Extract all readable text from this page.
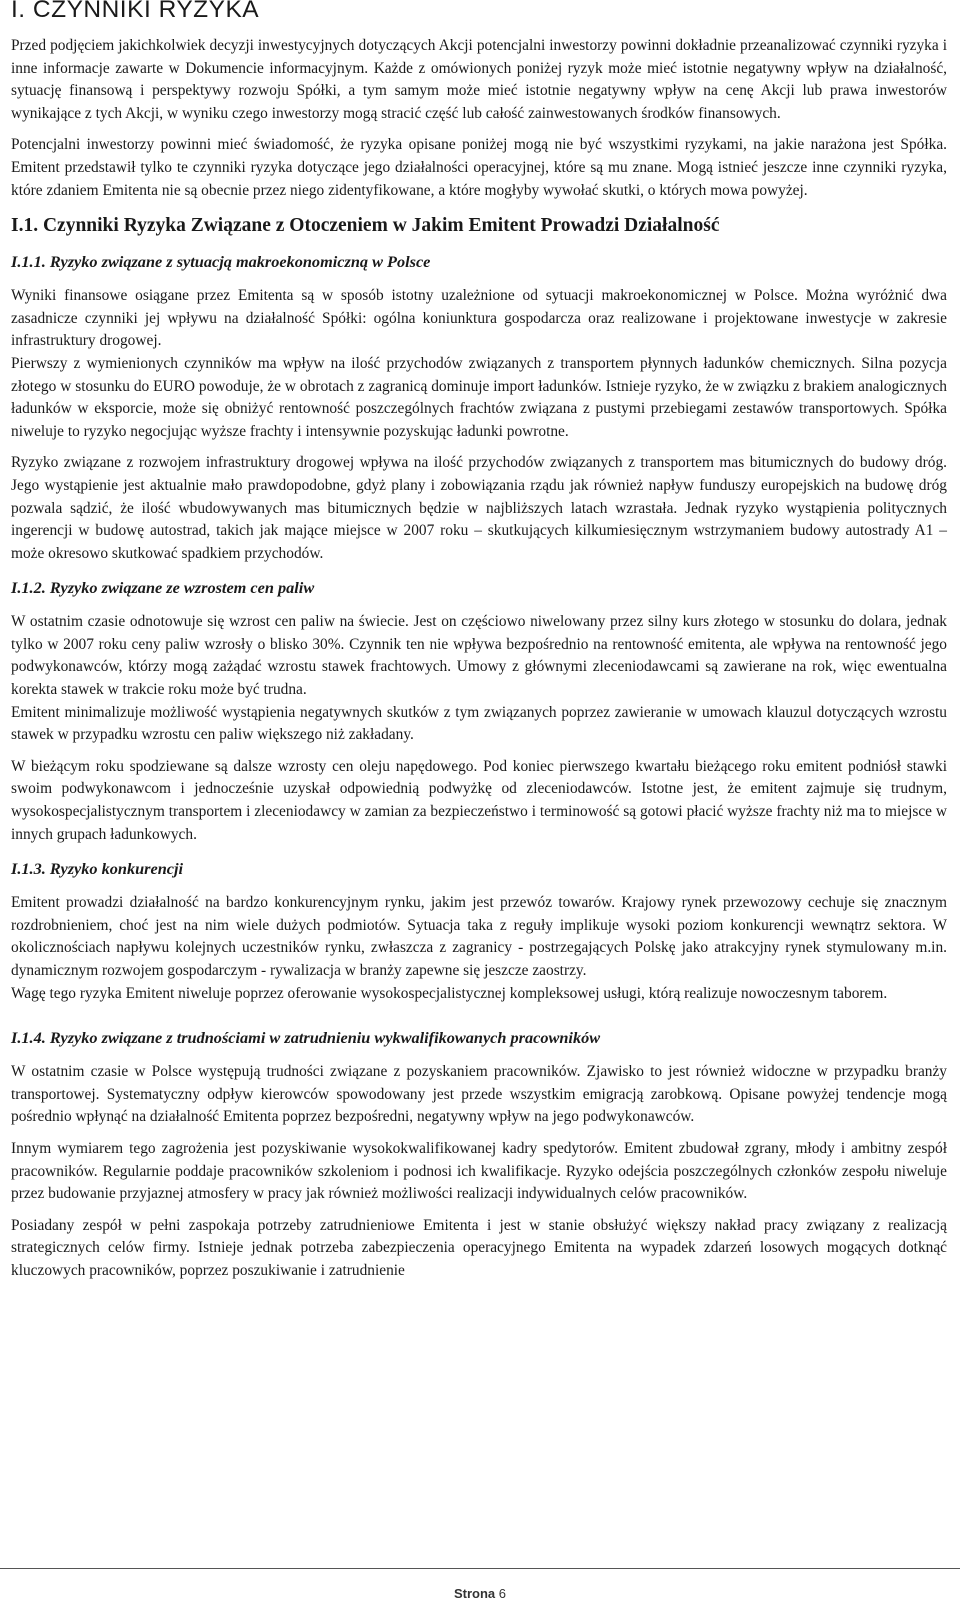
I. CZYNNIKI RYZYKA

Przed podjęciem jakichkolwiek decyzji inwestycyjnych dotyczących Akcji potencjalni inwestorzy powinni dokładnie przeanalizować czynniki ryzyka i inne informacje zawarte w Dokumencie informacyjnym. Każde z omówionych poniżej ryzyk może mieć istotnie negatywny wpływ na działalność, sytuację finansową i perspektywy rozwoju Spółki, a tym samym może mieć istotnie negatywny wpływ na cenę Akcji lub prawa inwestorów wynikające z tych Akcji, w wyniku czego inwestorzy mogą stracić część lub całość zainwestowanych środków finansowych.

Potencjalni inwestorzy powinni mieć świadomość, że ryzyka opisane poniżej mogą nie być wszystkimi ryzykami, na jakie narażona jest Spółka. Emitent przedstawił tylko te czynniki ryzyka dotyczące jego działalności operacyjnej, które są mu znane. Mogą istnieć jeszcze inne czynniki ryzyka, które zdaniem Emitenta nie są obecnie przez niego zidentyfikowane, a które mogłyby wywołać skutki, o których mowa powyżej.

I.1. Czynniki Ryzyka Związane z Otoczeniem w Jakim Emitent Prowadzi Działalność
I.1.1. Ryzyko związane z sytuacją makroekonomiczną w Polsce

Wyniki finansowe osiągane przez Emitenta są w sposób istotny uzależnione od sytuacji makroekonomicznej w Polsce. Można wyróżnić dwa zasadnicze czynniki jej wpływu na działalność Spółki: ogólna koniunktura gospodarcza oraz realizowane i projektowane inwestycje w zakresie infrastruktury drogowej.

Pierwszy z wymienionych czynników ma wpływ na ilość przychodów związanych z transportem płynnych ładunków chemicznych. Silna pozycja złotego w stosunku do EURO powoduje, że w obrotach z zagranicą dominuje import ładunków. Istnieje ryzyko, że w związku z brakiem analogicznych ładunków w eksporcie, może się obniżyć rentowność poszczególnych frachtów związana z pustymi przebiegami zestawów transportowych. Spółka niweluje to ryzyko negocjując wyższe frachty i intensywnie pozyskując ładunki powrotne.

Ryzyko związane z rozwojem infrastruktury drogowej wpływa na ilość przychodów związanych z transportem mas bitumicznych do budowy dróg. Jego wystąpienie jest aktualnie mało prawdopodobne, gdyż plany i zobowiązania rządu jak również napływ funduszy europejskich na budowę dróg pozwala sądzić, że ilość wbudowywanych mas bitumicznych będzie w najbliższych latach wzrastała. Jednak ryzyko wystąpienia politycznych ingerencji w budowę autostrad, takich jak mające miejsce w 2007 roku – skutkujących kilkumiesięcznym wstrzymaniem budowy autostrady A1 – może okresowo skutkować spadkiem przychodów.

I.1.2. Ryzyko związane ze wzrostem cen paliw

W ostatnim czasie odnotowuje się wzrost cen paliw na świecie. Jest on częściowo niwelowany przez silny kurs złotego w stosunku do dolara, jednak tylko w 2007 roku ceny paliw wzrosły o blisko 30%. Czynnik ten nie wpływa bezpośrednio na rentowność emitenta, ale wpływa na rentowność jego podwykonawców, którzy mogą zażądać wzrostu stawek frachtowych. Umowy z głównymi zleceniodawcami są zawierane na rok, więc ewentualna korekta stawek w trakcie roku może być trudna.

Emitent minimalizuje możliwość wystąpienia negatywnych skutków z tym związanych poprzez zawieranie w umowach klauzul dotyczących wzrostu stawek w przypadku wzrostu cen paliw większego niż zakładany.

W bieżącym roku spodziewane są dalsze wzrosty cen oleju napędowego. Pod koniec pierwszego kwartału bieżącego roku emitent podniósł stawki swoim podwykonawcom i jednocześnie uzyskał odpowiednią podwyżkę od zleceniodawców. Istotne jest, że emitent zajmuje się trudnym, wysokospecjalistycznym transportem i zleceniodawcy w zamian za bezpieczeństwo i terminowość są gotowi płacić wyższe frachty niż ma to miejsce w innych grupach ładunkowych.

I.1.3. Ryzyko konkurencji

Emitent prowadzi działalność na bardzo konkurencyjnym rynku, jakim jest przewóz towarów. Krajowy rynek przewozowy cechuje się znacznym rozdrobnieniem, choć jest na nim wiele dużych podmiotów. Sytuacja taka z reguły implikuje wysoki poziom konkurencji wewnątrz sektora. W okolicznościach napływu kolejnych uczestników rynku, zwłaszcza z zagranicy - postrzegających Polskę jako atrakcyjny rynek stymulowany m.in. dynamicznym rozwojem gospodarczym - rywalizacja w branży zapewne się jeszcze zaostrzy.

Wagę tego ryzyka Emitent niweluje poprzez oferowanie wysokospecjalistycznej kompleksowej usługi, którą realizuje nowoczesnym taborem.

I.1.4. Ryzyko związane z trudnościami w zatrudnieniu wykwalifikowanych pracowników

W ostatnim czasie w Polsce występują trudności związane z pozyskaniem pracowników. Zjawisko to jest również widoczne w przypadku branży transportowej. Systematyczny odpływ kierowców spowodowany jest przede wszystkim emigracją zarobkową. Opisane powyżej tendencje mogą pośrednio wpłynąć na działalność Emitenta poprzez bezpośredni, negatywny wpływ na jego podwykonawców.

Innym wymiarem tego zagrożenia jest pozyskiwanie wysokokwalifikowanej kadry spedytorów. Emitent zbudował zgrany, młody i ambitny zespół pracowników. Regularnie poddaje pracowników szkoleniom i podnosi ich kwalifikacje. Ryzyko odejścia poszczególnych członków zespołu niweluje przez budowanie przyjaznej atmosfery w pracy jak również możliwości realizacji indywidualnych celów pracowników.

Posiadany zespół w pełni zaspokaja potrzeby zatrudnieniowe Emitenta i jest w stanie obsłużyć większy nakład pracy związany z realizacją strategicznych celów firmy. Istnieje jednak potrzeba zabezpieczenia operacyjnego Emitenta na wypadek zdarzeń losowych mogących dotknąć kluczowych pracowników, poprzez poszukiwanie i zatrudnienie

Strona 6
